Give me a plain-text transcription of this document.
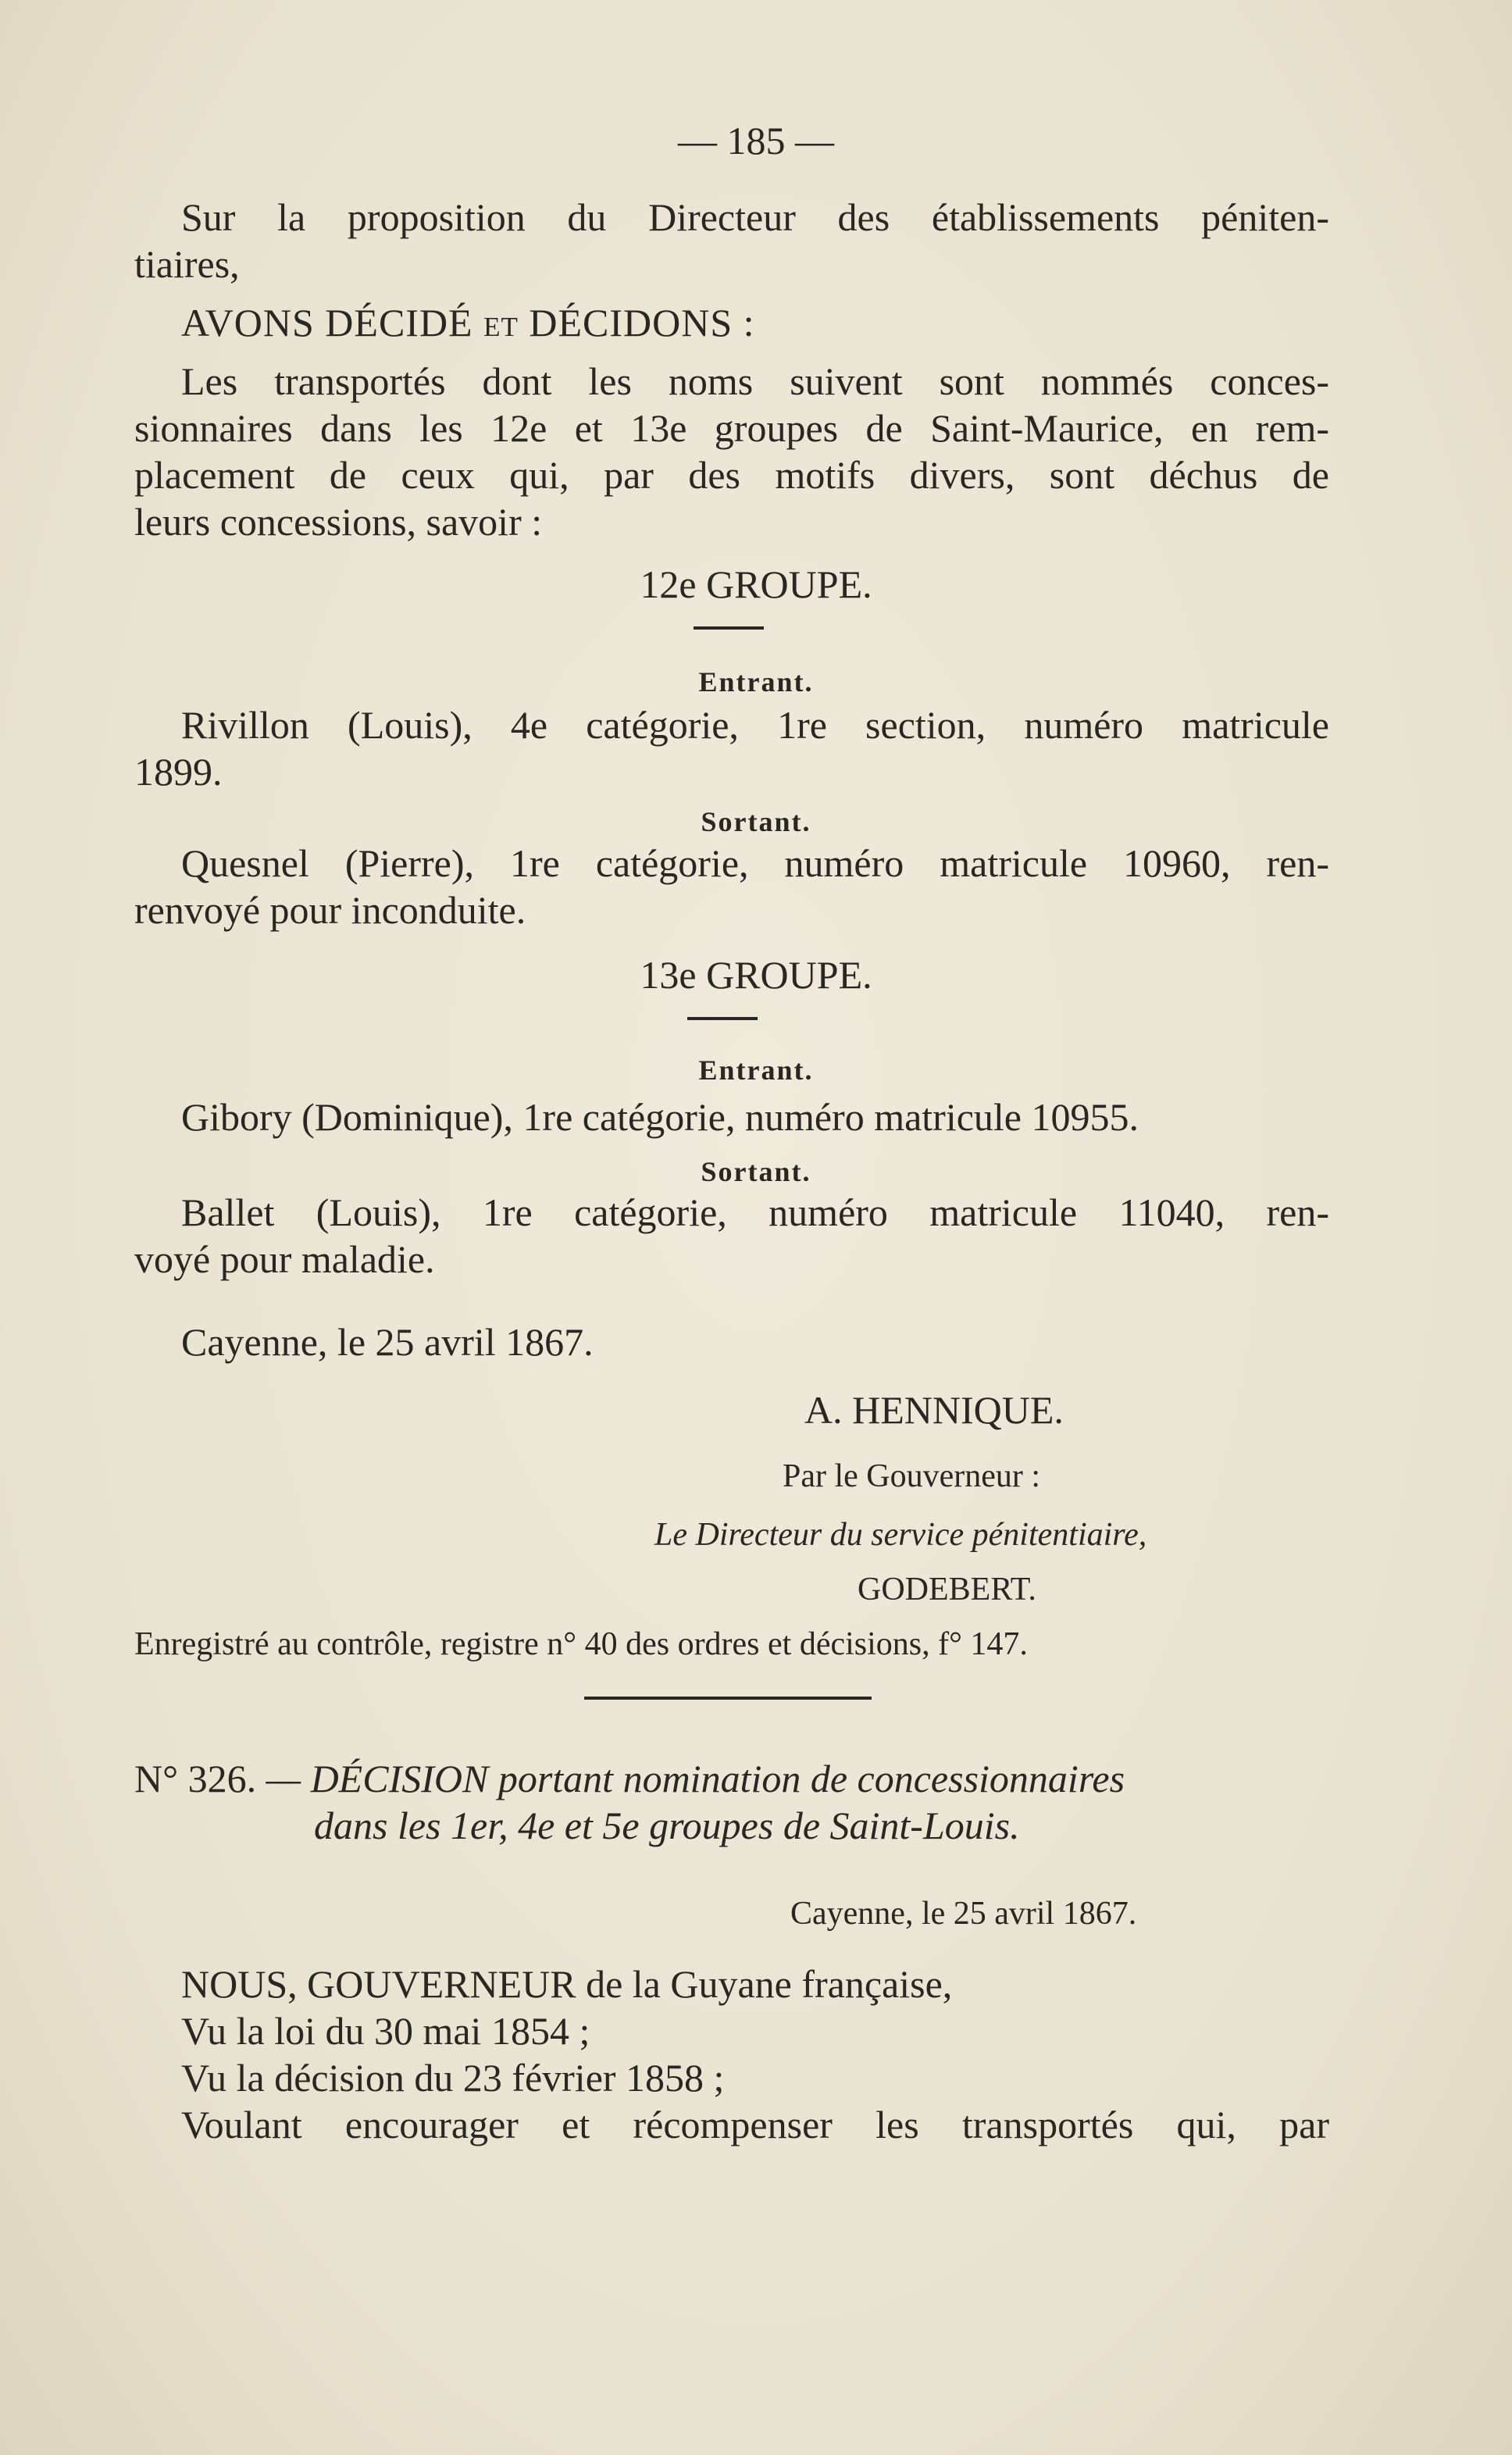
— 185 —
Sur la proposition du Directeur des établissements péniten-
tiaires,
AVONS DÉCIDÉ et DÉCIDONS :
Les transportés dont les noms suivent sont nommés conces-
sionnaires dans les 12e et 13e groupes de Saint-Maurice, en rem-
placement de ceux qui, par des motifs divers, sont déchus de
leurs concessions, savoir :
12e GROUPE.
Entrant.
Rivillon (Louis), 4e catégorie, 1re section, numéro matricule
1899.
Sortant.
Quesnel (Pierre), 1re catégorie, numéro matricule 10960, ren-
renvoyé pour inconduite.
13e GROUPE.
Entrant.
Gibory (Dominique), 1re catégorie, numéro matricule 10955.
Sortant.
Ballet (Louis), 1re catégorie, numéro matricule 11040, ren-
voyé pour maladie.
Cayenne, le 25 avril 1867.
A. HENNIQUE.
Par le Gouverneur :
Le Directeur du service pénitentiaire,
GODEBERT.
Enregistré au contrôle, registre n° 40 des ordres et décisions, f° 147.
N° 326. — DÉCISION portant nomination de concessionnaires
dans les 1er, 4e et 5e groupes de Saint-Louis.
Cayenne, le 25 avril 1867.
NOUS, GOUVERNEUR de la Guyane française,
Vu la loi du 30 mai 1854 ;
Vu la décision du 23 février 1858 ;
Voulant encourager et récompenser les transportés qui, par
